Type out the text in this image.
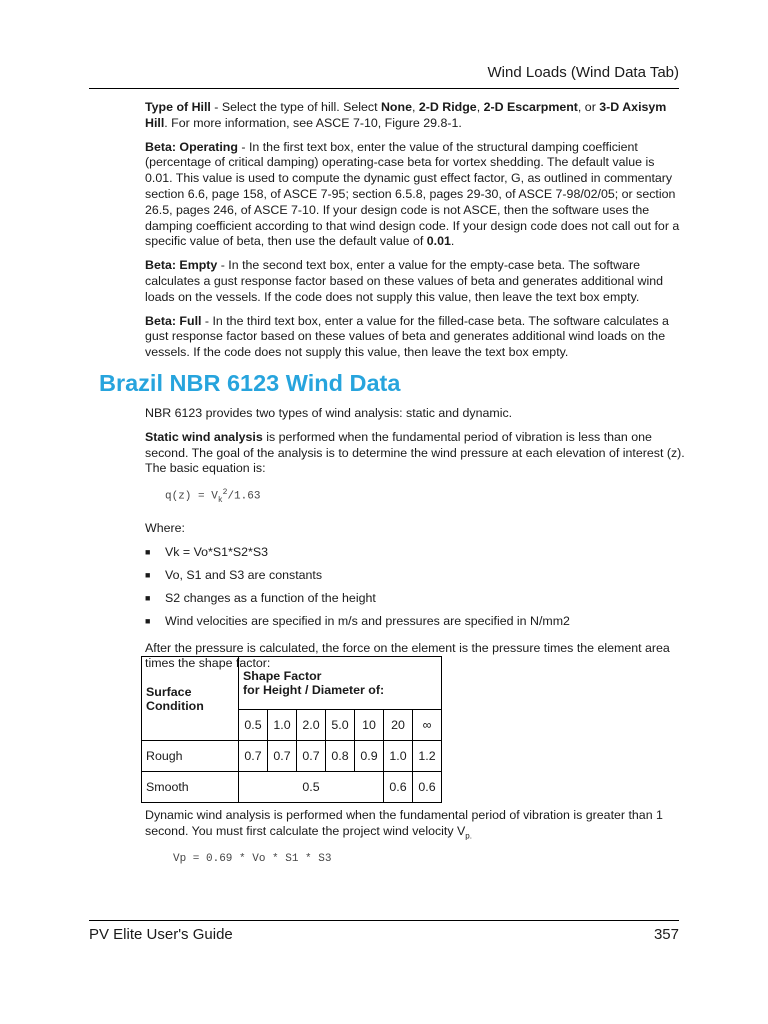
Wind Loads (Wind Data Tab)

Type of Hill - Select the type of hill. Select None, 2-D Ridge, 2-D Escarpment, or 3-D Axisym Hill. For more information, see ASCE 7-10, Figure 29.8-1.

Beta: Operating - In the first text box, enter the value of the structural damping coefficient (percentage of critical damping) operating-case beta for vortex shedding. The default value is 0.01. This value is used to compute the dynamic gust effect factor, G, as outlined in commentary section 6.6, page 158, of ASCE 7-95; section 6.5.8, pages 29-30, of ASCE 7-98/02/05; or section 26.5, pages 246, of ASCE 7-10. If your design code is not ASCE, then the software uses the damping coefficient according to that wind design code. If your design code does not call out for a specific value of beta, then use the default value of 0.01.

Beta: Empty - In the second text box, enter a value for the empty-case beta. The software calculates a gust response factor based on these values of beta and generates additional wind loads on the vessels. If the code does not supply this value, then leave the text box empty.

Beta: Full - In the third text box, enter a value for the filled-case beta. The software calculates a gust response factor based on these values of beta and generates additional wind loads on the vessels. If the code does not supply this value, then leave the text box empty.

Brazil NBR 6123 Wind Data

NBR 6123 provides two types of wind analysis: static and dynamic.

Static wind analysis is performed when the fundamental period of vibration is less than one second. The goal of the analysis is to determine the wind pressure at each elevation of interest (z). The basic equation is:

$q(z) = V_k^2/1.63$

Where:

■ Vk = Vo*S1*S2*S3
■ Vo, S1 and S3 are constants
■ S2 changes as a function of the height
■ Wind velocities are specified in m/s and pressures are specified in N/mm2

After the pressure is calculated, the force on the element is the pressure times the element area times the shape factor:

Surface Condition	Shape Factor
for Height / Diameter of:						
	0.5	1.0	2.0	5.0	10	20	∞
Rough	0.7	0.7	0.7	0.8	0.9	1.0	1.2
Smooth	0.5					0.6	0.6

Dynamic wind analysis is performed when the fundamental period of vibration is greater than 1 second. You must first calculate the project wind velocity $V_{p.}$

Vp = 0.69 * Vo * S1 * S3
PV Elite User's Guide	357
